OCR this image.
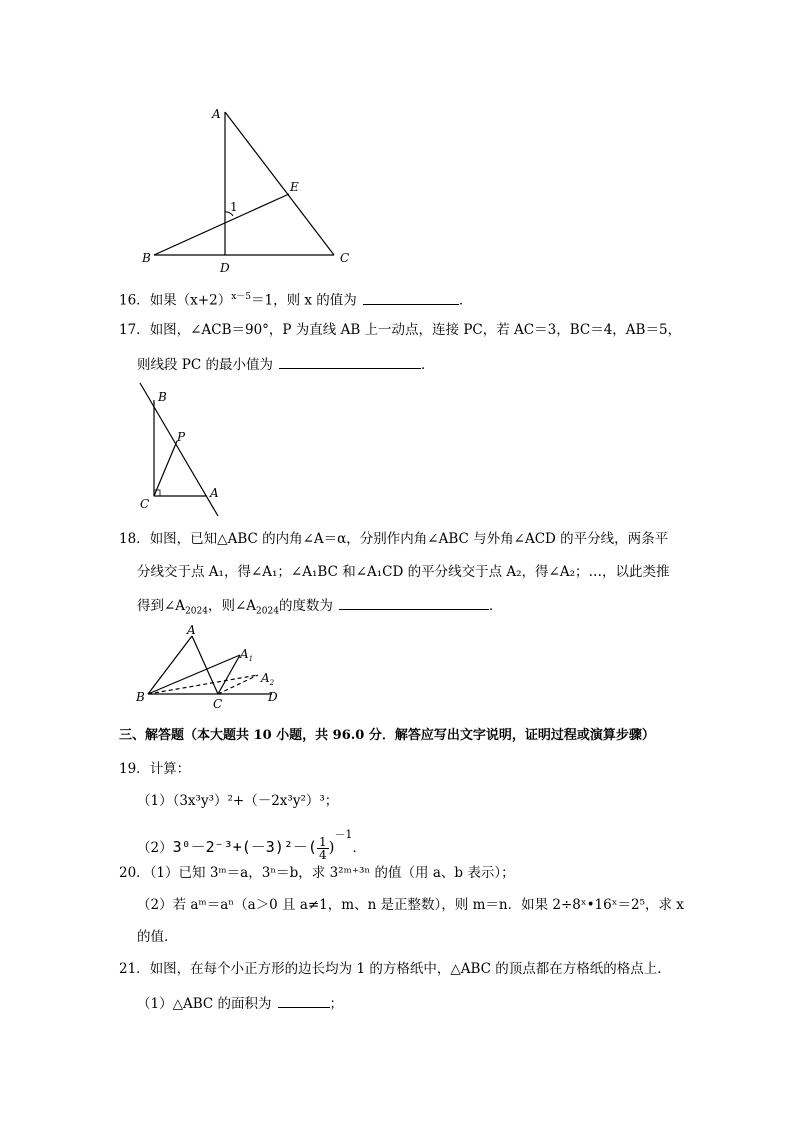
A
E
1
B
D
C
16．如果$(x+2)^{x-5}=1$，则 x 的值为	．
17．如图，∠ACB＝90°，P 为直线 AB 上一动点，连接 PC，若 AC＝3，BC＝4，AB＝5，
则线段 PC 的最小值为	．
B
P
C
A
18．如图，已知△ABC 的内角∠A＝α，分别作内角∠ABC 与外角∠ACD 的平分线，两条平
分线交于点 A₁，得∠A₁；∠A₁BC 和∠A₁CD 的平分线交于点 A₂，得∠A₂；…，以此类推
得到$\angle A_{2024}$，则$\angle A_{2024}$的度数为	．
A
$A_1$
$A_2$
B	C	D
三、解答题（本大题共 10 小题，共 96.0 分．解答应写出文字说明，证明过程或演算步骤）
19．计算：
（1）（3x³y³）²+（－2x³y²）³；
$(2)3^0-2^{-3}+(-3)^2-( \frac{1}{4} )^{-1}$．
20．（1）已知 3ᵐ＝a，3ⁿ＝b，求 3²ᵐ⁺³ⁿ 的值（用 a、b 表示）；
（2）若 aᵐ＝aⁿ（a＞0 且 a≠1，m、n 是正整数），则 m＝n．如果 2÷8ˣ•16ˣ＝2⁵，求 x
的值．
21．如图，在每个小正方形的边长均为 1 的方格纸中，△ABC 的顶点都在方格纸的格点上．
（1）△ABC 的面积为	；
